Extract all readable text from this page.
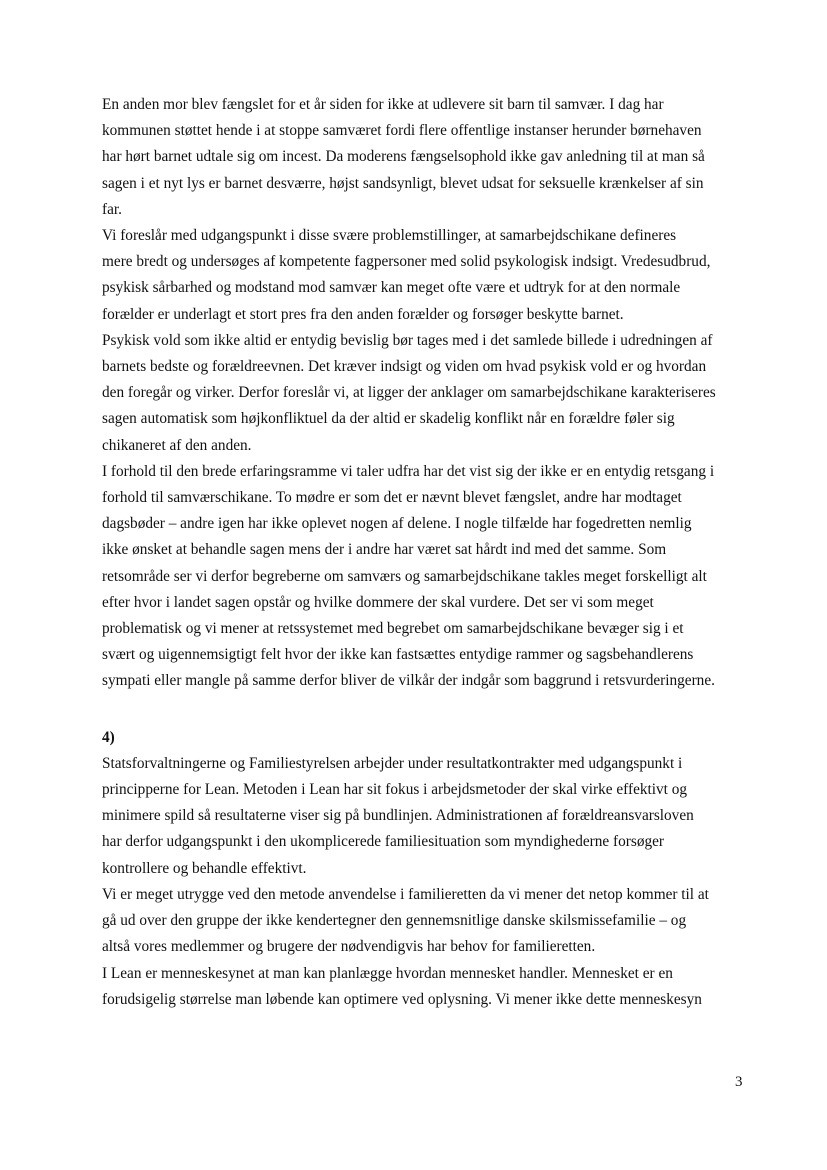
En anden mor blev fængslet for et år siden for ikke at udlevere sit barn til samvær. I dag har

kommunen støttet hende i at stoppe samværet fordi flere offentlige instanser herunder børnehaven

har hørt barnet udtale sig om incest. Da moderens fængselsophold ikke gav anledning til at man så

sagen i et nyt lys er barnet desværre, højst sandsynligt, blevet udsat for seksuelle krænkelser af sin

far.

Vi foreslår med udgangspunkt i disse svære problemstillinger, at samarbejdschikane defineres

mere bredt og undersøges af kompetente fagpersoner med solid psykologisk indsigt. Vredesudbrud,

psykisk sårbarhed og modstand mod samvær kan meget ofte være et udtryk for at den normale

forælder er underlagt et stort pres fra den anden forælder og forsøger beskytte barnet.

Psykisk vold som ikke altid er entydig bevislig bør tages med i det samlede billede i udredningen af

barnets bedste og forældreevnen. Det kræver indsigt og viden om hvad psykisk vold er og hvordan

den foregår og virker. Derfor foreslår vi, at ligger der anklager om samarbejdschikane karakteriseres

sagen automatisk som højkonfliktuel da der altid er skadelig konflikt når en forældre føler sig

chikaneret af den anden.

I forhold til den brede erfaringsramme vi taler udfra har det vist sig der ikke er en entydig retsgang i

forhold til samværschikane. To mødre er som det er nævnt blevet fængslet, andre har modtaget

dagsbøder – andre igen har ikke oplevet nogen af delene. I nogle tilfælde har fogedretten nemlig

ikke ønsket at behandle sagen mens der i andre har været sat hårdt ind med det samme. Som

retsområde ser vi derfor begreberne om samværs og samarbejdschikane takles meget forskelligt alt

efter hvor i landet sagen opstår og hvilke dommere der skal vurdere. Det ser vi som meget

problematisk og vi mener at retssystemet med begrebet om samarbejdschikane bevæger sig i et

svært og uigennemsigtigt felt hvor der ikke kan fastsættes entydige rammer og sagsbehandlerens

sympati eller mangle på samme derfor bliver de vilkår der indgår som baggrund i retsvurderingerne.

4)

Statsforvaltningerne og Familiestyrelsen arbejder under resultatkontrakter med udgangspunkt i

principperne for Lean. Metoden i Lean har sit fokus i arbejdsmetoder der skal virke effektivt og

minimere spild så resultaterne viser sig på bundlinjen. Administrationen af forældreansvarsloven

har derfor udgangspunkt i den ukomplicerede familiesituation som myndighederne forsøger

kontrollere og behandle effektivt.

Vi er meget utrygge ved den metode anvendelse i familieretten da vi mener det netop kommer til at

gå ud over den gruppe der ikke kendertegner den gennemsnitlige danske skilsmissefamilie – og

altså vores medlemmer og brugere der nødvendigvis har behov for familieretten.

I Lean er menneskesynet at man kan planlægge hvordan mennesket handler. Mennesket er en

forudsigelig størrelse man løbende kan optimere ved oplysning. Vi mener ikke dette menneskesyn

3
